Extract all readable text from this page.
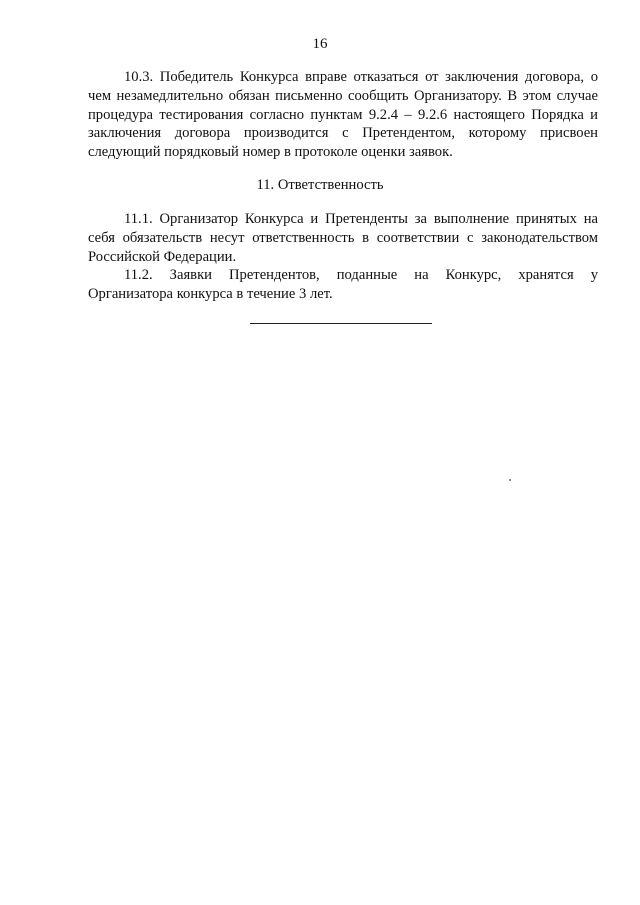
16

10.3. Победитель Конкурса вправе отказаться от заключения договора, о чем незамедлительно обязан письменно сообщить Организатору. В этом случае процедура тестирования согласно пунктам 9.2.4 – 9.2.6 настоящего Порядка и заключения договора производится с Претендентом, которому присвоен следующий порядковый номер в протоколе оценки заявок.

11. Ответственность

11.1. Организатор Конкурса и Претенденты за выполнение принятых на себя обязательств несут ответственность в соответствии с законодательством Российской Федерации.

11.2. Заявки Претендентов, поданные на Конкурс, хранятся у

Организатора конкурса в течение 3 лет.
